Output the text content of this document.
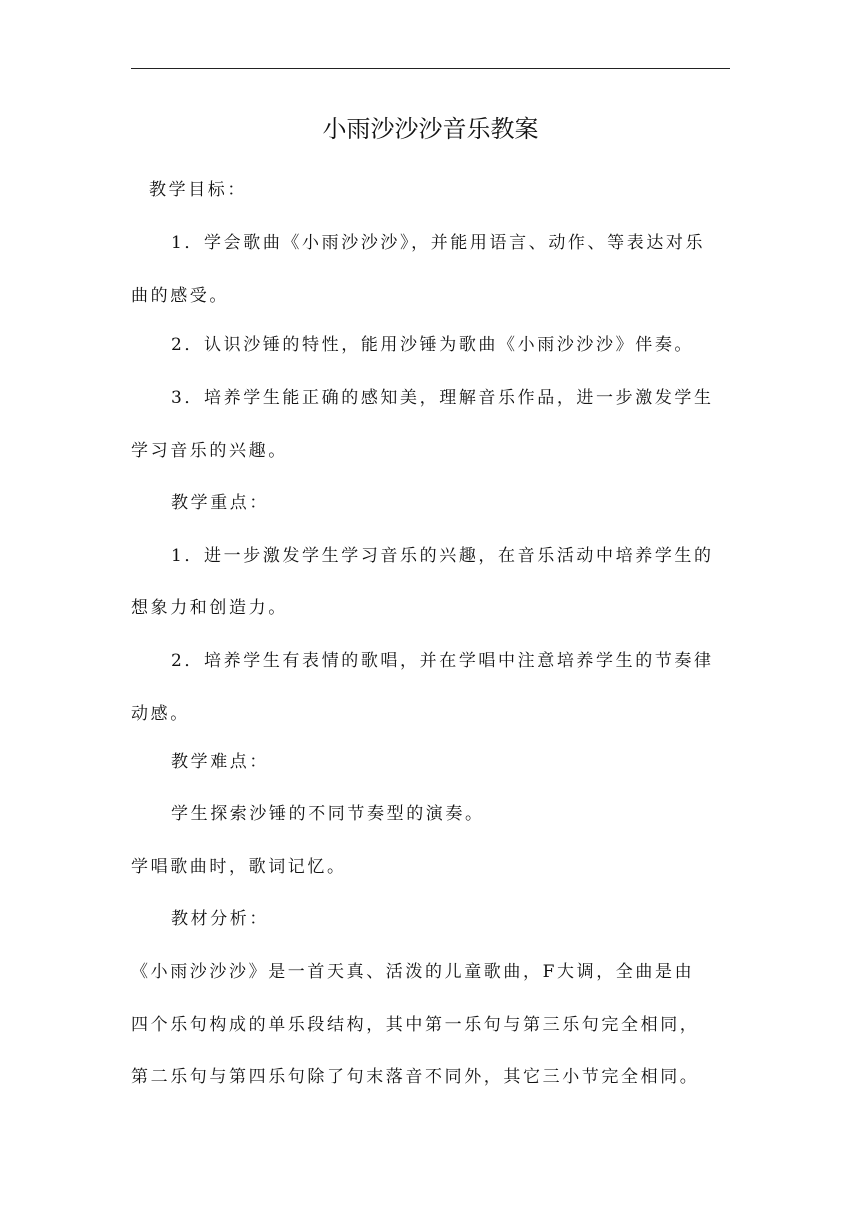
小雨沙沙沙音乐教案
教学目标：
1．学会歌曲《小雨沙沙沙》，并能用语言、动作、等表达对乐
曲的感受。
2．认识沙锤的特性，能用沙锤为歌曲《小雨沙沙沙》伴奏。
3．培养学生能正确的感知美，理解音乐作品，进一步激发学生
学习音乐的兴趣。
教学重点：
1．进一步激发学生学习音乐的兴趣，在音乐活动中培养学生的
想象力和创造力。
2．培养学生有表情的歌唱，并在学唱中注意培养学生的节奏律
动感。
教学难点：
学生探索沙锤的不同节奏型的演奏。
学唱歌曲时，歌词记忆。
教材分析：
《小雨沙沙沙》是一首天真、活泼的儿童歌曲，F大调，全曲是由
四个乐句构成的单乐段结构，其中第一乐句与第三乐句完全相同，
第二乐句与第四乐句除了句末落音不同外，其它三小节完全相同。
